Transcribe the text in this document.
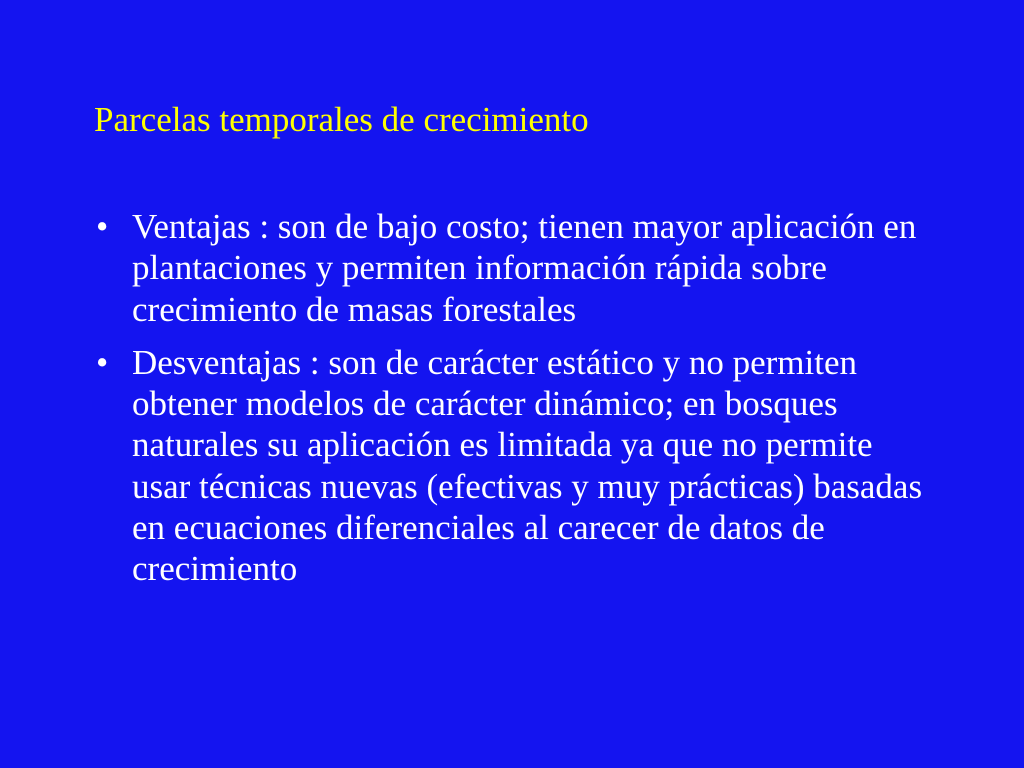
Parcelas temporales de crecimiento
• Ventajas : son de bajo costo; tienen mayor aplicación en plantaciones y permiten información rápida sobre crecimiento de masas forestales
• Desventajas : son de carácter estático y no permiten obtener modelos de carácter dinámico; en bosques naturales su aplicación es limitada ya que no permite usar técnicas nuevas (efectivas y muy prácticas) basadas en ecuaciones diferenciales al carecer de datos de crecimiento
